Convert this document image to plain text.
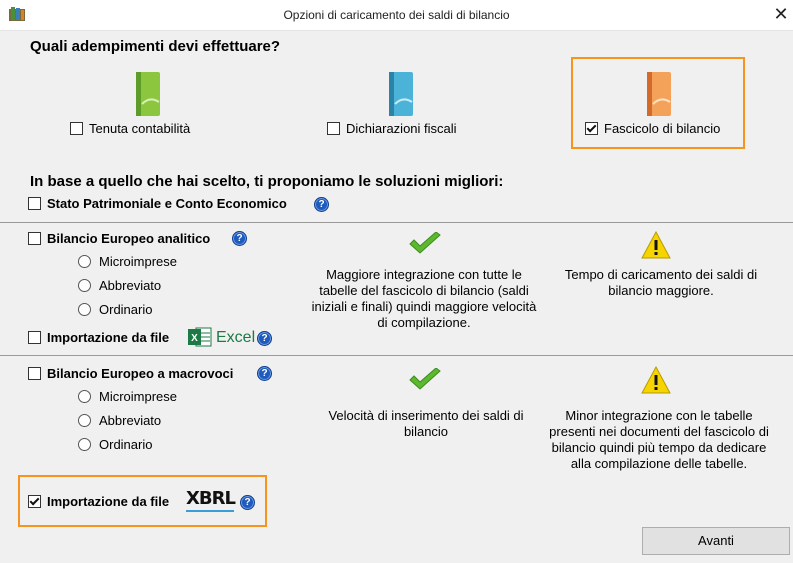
Opzioni di caricamento dei saldi di bilancio	✕
Quali adempimenti devi effettuare?
Tenuta contabilità	Dichiarazioni fiscali	Fascicolo di bilancio
In base a quello che hai scelto, ti proponiamo le soluzioni migliori:
Stato Patrimoniale e Conto Economico	?
Bilancio Europeo analitico	?
Microimprese
Abbreviato
Ordinario
Importazione da file X Excel ?
Maggiore integrazione con tutte le tabelle del fascicolo di bilancio (saldi iniziali e finali) quindi maggiore velocità di compilazione.
Tempo di caricamento dei saldi di bilancio maggiore.
Bilancio Europeo a macrovoci	?
Microimprese
Abbreviato
Ordinario
Importazione da file XBRL ?
Velocità di inserimento dei saldi di bilancio
Minor integrazione con le tabelle presenti nei documenti del fascicolo di bilancio quindi più tempo da dedicare alla compilazione delle tabelle.
Avanti
